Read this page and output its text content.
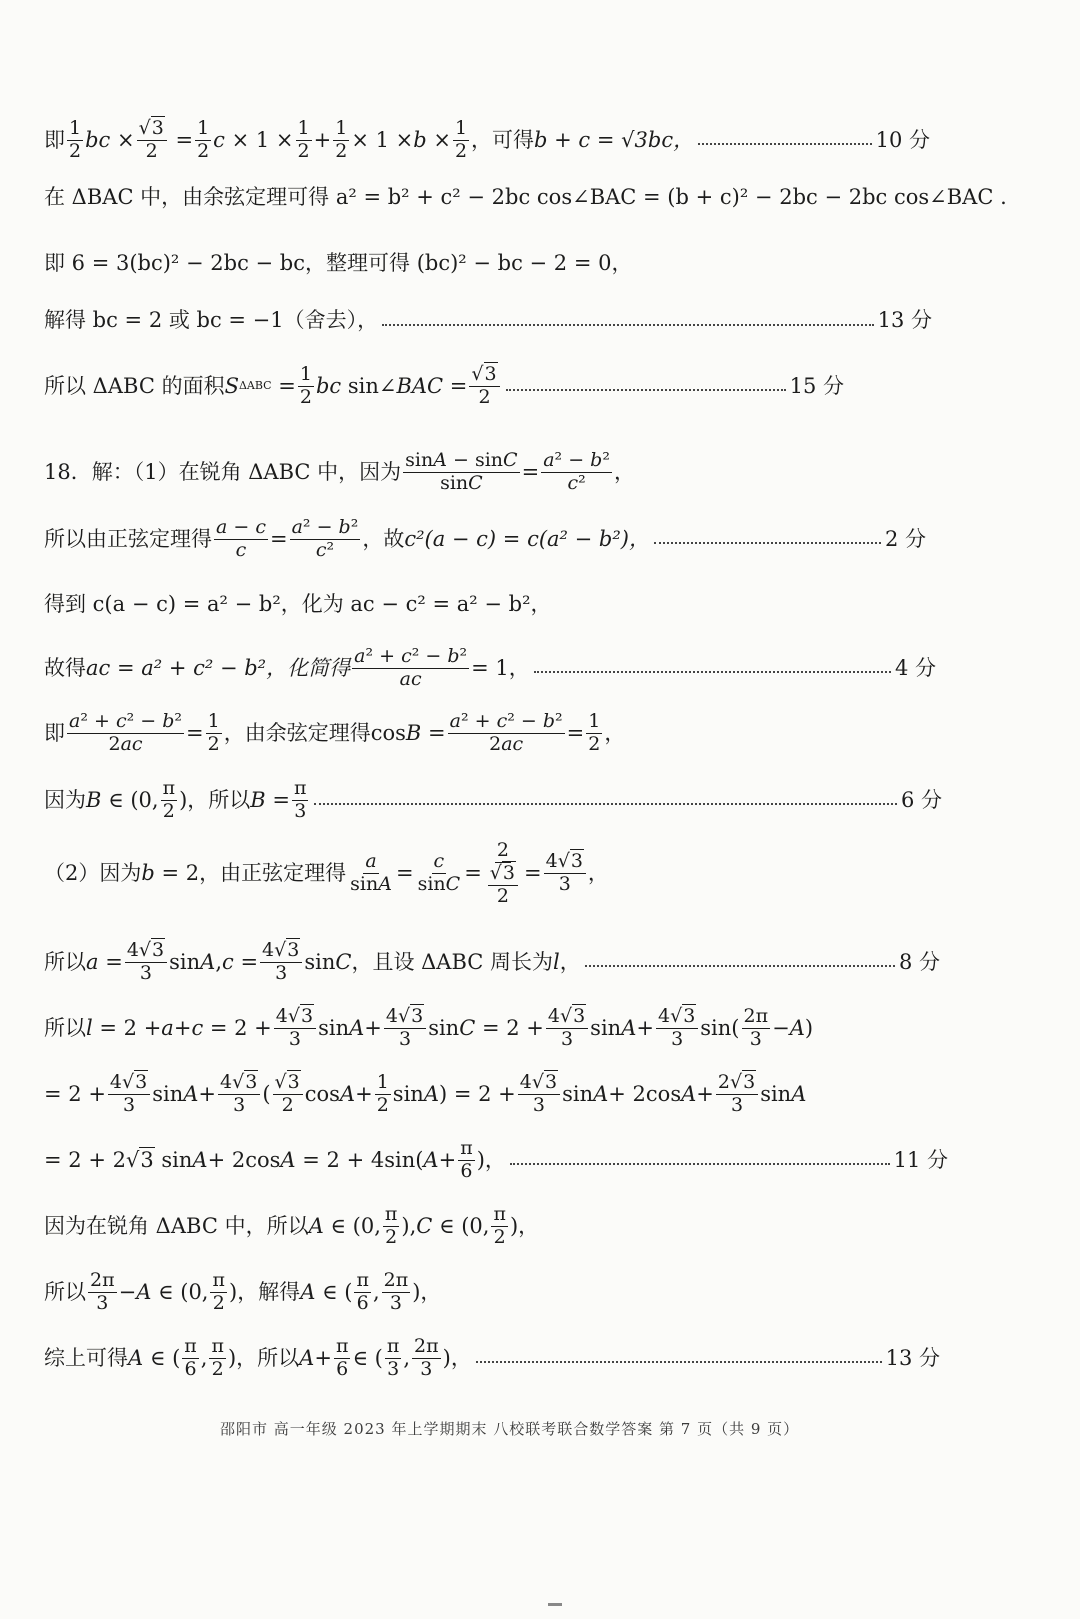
即 1
2 bc × √3
2 = 1
2 c × 1 × 1
2 + 1
2 × 1 × b × 1
2 ，可得 b + c = √3bc，	10 分
在 ΔBAC 中，由余弦定理可得 a² = b² + c² − 2bc cos∠BAC = (b + c)² − 2bc − 2bc cos∠BAC .
即 6 = 3(bc)² − 2bc − bc，整理可得 (bc)² − bc − 2 = 0，
解得 bc = 2 或 bc = −1（舍去），	13 分
所以 ΔABC 的面积 S ΔABC = 1
2 bc sin∠ BAC = √3
2	15 分
18．解：（1）在锐角 ΔABC 中，因为 sinA − sinC
sinC = a² − b²
c² ，
所以由正弦定理得 a − c
c = a² − b²
c² ，故 c²(a − c) = c(a² − b²)，	2 分
得到 c(a − c) = a² − b²，化为 ac − c² = a² − b²，
故得 ac = a² + c² − b²，化简得 a² + c² − b²
ac = 1，	4 分
即 a² + c² − b²
2ac = 1
2 ，由余弦定理得 cos B = a² + c² − b²
2ac = 1
2 ，
因为 B ∈ (0, π
2 ) ，所以 B = π
3	6 分
（2）因为 b = 2 ，由正弦定理得 a
sinA = c
sinC =
2
$\frac{√3}{2} = 4√3$
3 ，
所以 a = 4√3
3 sin A , c = 4√3
3 sin C ，且设 ΔABC 周长为 l ，	8 分
所以 l = 2 + a + c = 2 + 4√3
3 sin A + 4√3
3 sin C = 2 + 4√3
3 sin A + 4√3
3 sin( 2π
3 − A )
= $2 + \frac{4√3}{3}$ sin A + 4√3
3 ( √3
2 cos A + 1
2 sin A ) = 2 + 4√3
3 sin A + 2cos A + 2√3
3 sin A
= 2 + 2 √3 sin A + 2cos A = 2 + 4sin( A + π
6 )，	11 分
因为在锐角 ΔABC 中，所以 A ∈ (0, π
2 ), C ∈ (0, π
2 )，
所以 2π
3 − A ∈ (0, π
2 ) ，解得 A ∈ ( π
6 , 2π
3 )，
综上可得 A ∈ ( π
6 , π
2 ) ，所以 A + π
6 ∈ ( π
3 , 2π
3 )，	13 分
邵阳市 高一年级 2023 年上学期期末 八校联考联合数学答案 第 7 页（共 9 页）
